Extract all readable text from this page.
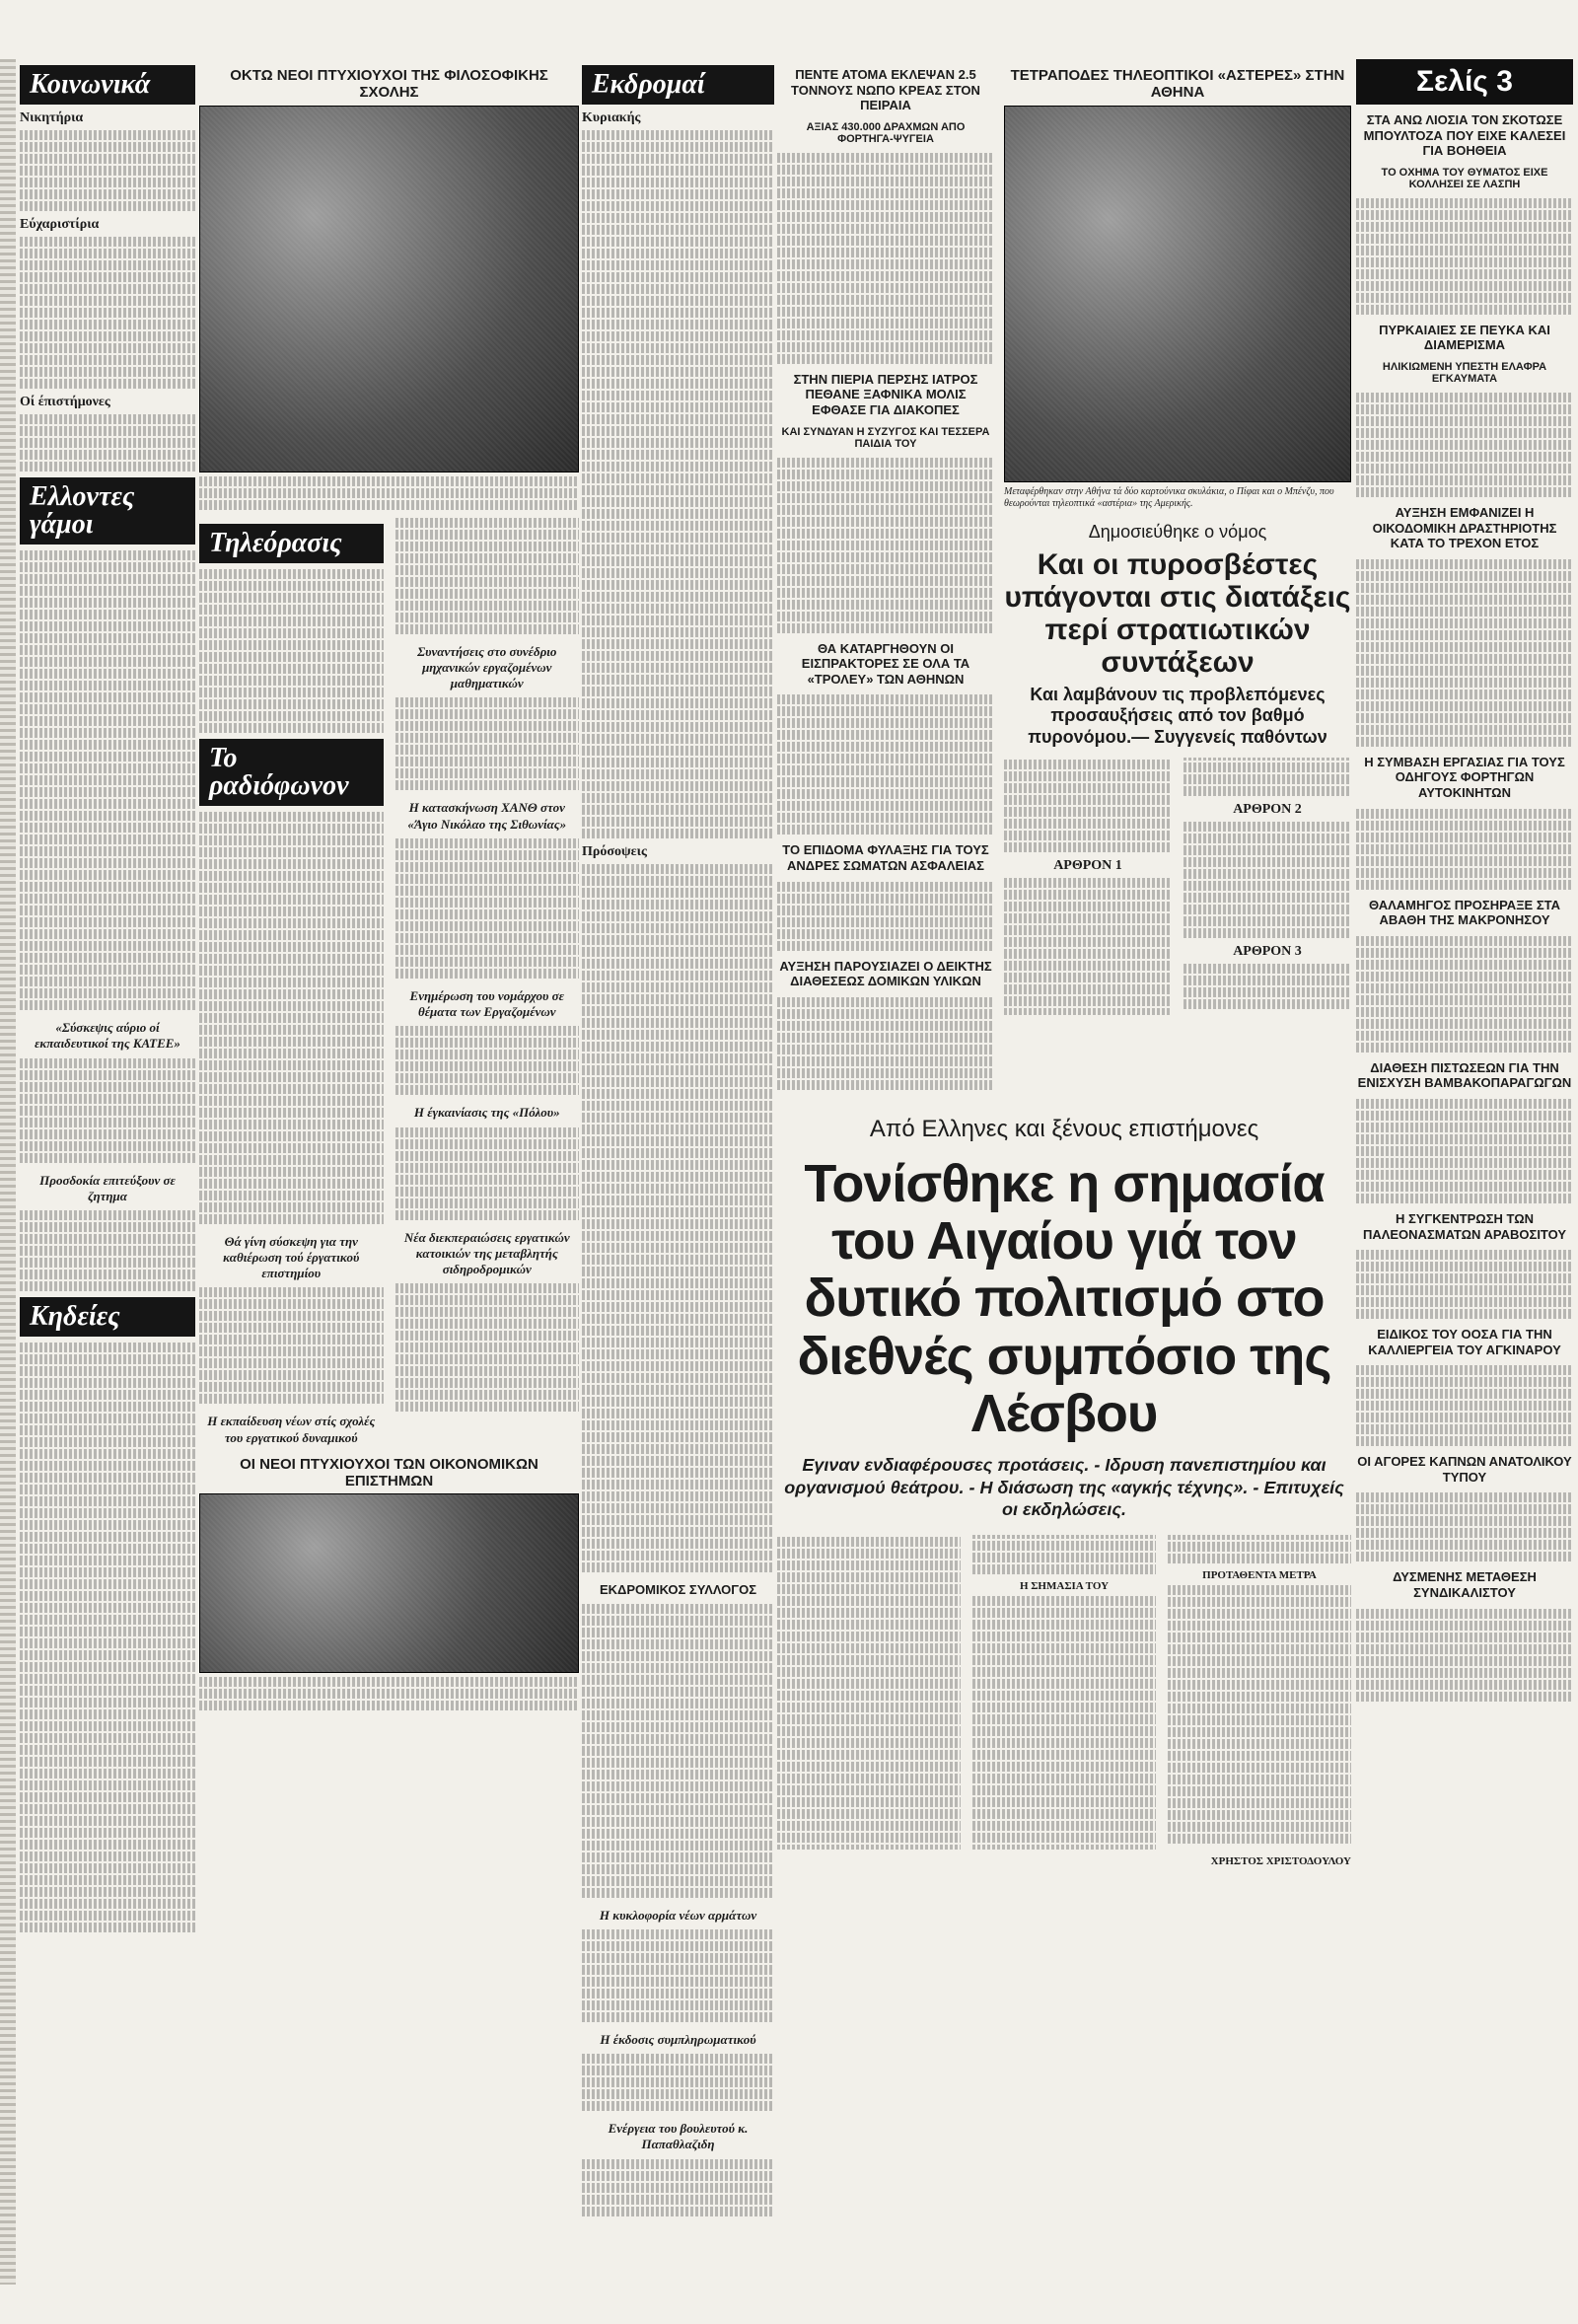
Κοινωνικά
Νικητήρια
Εύχαριστίρια
Οί έπιστήμονες
Ελλοντες γάμοι
«Σύσκεψις αύριο οί εκπαιδευτικοί της ΚΑΤΕΕ»
Προσδοκία επιτεύξουν σε ζητημα
Κηδείες
ΟΚΤΩ ΝΕΟΙ ΠΤΥΧΙΟΥΧΟΙ ΤΗΣ ΦΙΛΟΣΟΦΙΚΗΣ ΣΧΟΛΗΣ
Τηλεόρασις
Το ραδιόφωνον
Θά γίνη σύσκεψη για την καθιέρωση τού έργατικού επιστημίου
Η εκπαίδευση νέων στίς σχολές του εργατικού δυναμικού
Συναντήσεις στο συνέδριο μηχανικών εργαζομένων μαθηματικών
Η κατασκήνωση ΧΑΝΘ στον «Άγιο Νικόλαο της Σιθωνίας»
Ενημέρωση του νομάρχου σε θέματα των Εργαζομένων
Η έγκαινίασις της «Πόλου»
Νέα διεκπεραιώσεις εργατικών κατοικιών της μεταβλητής σιδηροδρομικών
ΟΙ ΝΕΟΙ ΠΤΥΧΙΟΥΧΟΙ ΤΩΝ ΟΙΚΟΝΟΜΙΚΩΝ ΕΠΙΣΤΗΜΩΝ
Εκδρομαί
Κυριακής
Πρόσοψεις
ΕΚΔΡΟΜΙΚΟΣ ΣΥΛΛΟΓΟΣ
Η κυκλοφορία νέων αρμάτων
Η έκδοσις συμπληρωματικού
Ενέργεια του βουλευτού κ. Παπαθλαζιδη
ΠΕΝΤΕ ΑΤΟΜΑ ΕΚΛΕΨΑΝ 2.5 ΤΟΝΝΟΥΣ ΝΩΠΟ ΚΡΕΑΣ ΣΤΟΝ ΠΕΙΡΑΙΑ
ΑΞΙΑΣ 430.000 ΔΡΑΧΜΩΝ ΑΠΟ ΦΟΡΤΗΓΑ-ΨΥΓΕΙΑ
ΣΤΗΝ ΠΙΕΡΙΑ ΠΕΡΣΗΣ ΙΑΤΡΟΣ ΠΕΘΑΝΕ ΞΑΦΝΙΚΑ ΜΟΛΙΣ ΕΦΘΑΣΕ ΓΙΑ ΔΙΑΚΟΠΕΣ
ΚΑΙ ΣΥΝΔΥΑΝ Η ΣΥΖΥΓΟΣ ΚΑΙ ΤΕΣΣΕΡΑ ΠΑΙΔΙΑ ΤΟΥ
ΘΑ ΚΑΤΑΡΓΗΘΟΥΝ ΟΙ ΕΙΣΠΡΑΚΤΟΡΕΣ ΣΕ ΟΛΑ ΤΑ «ΤΡΟΛΕΥ» ΤΩΝ ΑΘΗΝΩΝ
ΤΟ ΕΠΙΔΟΜΑ ΦΥΛΑΞΗΣ ΓΙΑ ΤΟΥΣ ΑΝΔΡΕΣ ΣΩΜΑΤΩΝ ΑΣΦΑΛΕΙΑΣ
ΑΥΞΗΣΗ ΠΑΡΟΥΣΙΑΖΕΙ Ο ΔΕΙΚΤΗΣ ΔΙΑΘΕΣΕΩΣ ΔΟΜΙΚΩΝ ΥΛΙΚΩΝ
ΤΕΤΡΑΠΟΔΕΣ ΤΗΛΕΟΠΤΙΚΟΙ «ΑΣΤΕΡΕΣ» ΣΤΗΝ ΑΘΗΝΑ
Μεταφέρθηκαν στην Αθήνα τά δύο καρτούνικα σκυλάκια, ο Πίφαι και ο Μπένζυ, που θεωρούνται τηλεοπτικά «αστέρια» της Αμερικής.
Δημοσιεύθηκε ο νόμος
Και οι πυροσβέστες υπάγονται στις διατάξεις περί στρατιωτικών συντάξεων
Και λαμβάνουν τις προβλεπόμενες προσαυξήσεις από τον βαθμό πυρονόμου.— Συγγενείς παθόντων
ΑΡΘΡΟΝ 1
ΑΡΘΡΟΝ 2
ΑΡΘΡΟΝ 3
Από Ελληνες και ξένους επιστήμονες
Τονίσθηκε η σημασία του Αιγαίου γιά τον δυτικό πολιτισμό στο διεθνές συμπόσιο της Λέσβου
Εγιναν ενδιαφέρουσες προτάσεις. - Ιδρυση πανεπιστημίου και οργανισμού θεάτρου. - Η διάσωση της «αγκής τέχνης». - Επιτυχείς οι εκδηλώσεις.
Η ΣΗΜΑΣΙΑ ΤΟΥ
ΠΡΟΤΑΘΕΝΤΑ ΜΕΤΡΑ
ΧΡΗΣΤΟΣ ΧΡΙΣΤΟΔΟΥΛΟΥ
Σελίς 3
ΣΤΑ ΑΝΩ ΛΙΟΣΙΑ ΤΟΝ ΣΚΟΤΩΣΕ ΜΠΟΥΛΤΟΖΑ ΠΟΥ ΕΙΧΕ ΚΑΛΕΣΕΙ ΓΙΑ ΒΟΗΘΕΙΑ
ΤΟ ΟΧΗΜΑ ΤΟΥ ΘΥΜΑΤΟΣ ΕΙΧΕ ΚΟΛΛΗΣΕΙ ΣΕ ΛΑΣΠΗ
ΠΥΡΚΑΙΑΙΕΣ ΣΕ ΠΕΥΚΑ ΚΑΙ ΔΙΑΜΕΡΙΣΜΑ
ΗΛΙΚΙΩΜΕΝΗ ΥΠΕΣΤΗ ΕΛΑΦΡΑ ΕΓΚΑΥΜΑΤΑ
ΑΥΞΗΣΗ ΕΜΦΑΝΙΖΕΙ Η ΟΙΚΟΔΟΜΙΚΗ ΔΡΑΣΤΗΡΙΟΤΗΣ ΚΑΤΑ ΤΟ ΤΡΕΧΟΝ ΕΤΟΣ
Η ΣΥΜΒΑΣΗ ΕΡΓΑΣΙΑΣ ΓΙΑ ΤΟΥΣ ΟΔΗΓΟΥΣ ΦΟΡΤΗΓΩΝ ΑΥΤΟΚΙΝΗΤΩΝ
ΘΑΛΑΜΗΓΟΣ ΠΡΟΣΗΡΑΞΕ ΣΤΑ ΑΒΑΘΗ ΤΗΣ ΜΑΚΡΟΝΗΣΟΥ
ΔΙΑΘΕΣΗ ΠΙΣΤΩΣΕΩΝ ΓΙΑ ΤΗΝ ΕΝΙΣΧΥΣΗ ΒΑΜΒΑΚΟΠΑΡΑΓΩΓΩΝ
Η ΣΥΓΚΕΝΤΡΩΣΗ ΤΩΝ ΠΑΛΕΟΝΑΣΜΑΤΩΝ ΑΡΑΒΟΣΙΤΟΥ
ΕΙΔΙΚΟΣ ΤΟΥ ΟΟΣΑ ΓΙΑ ΤΗΝ ΚΑΛΛΙΕΡΓΕΙΑ ΤΟΥ ΑΓΚΙΝΑΡΟΥ
ΟΙ ΑΓΟΡΕΣ ΚΑΠΝΩΝ ΑΝΑΤΟΛΙΚΟΥ ΤΥΠΟΥ
ΔΥΣΜΕΝΗΣ ΜΕΤΑΘΕΣΗ ΣΥΝΔΙΚΑΛΙΣΤΟΥ
